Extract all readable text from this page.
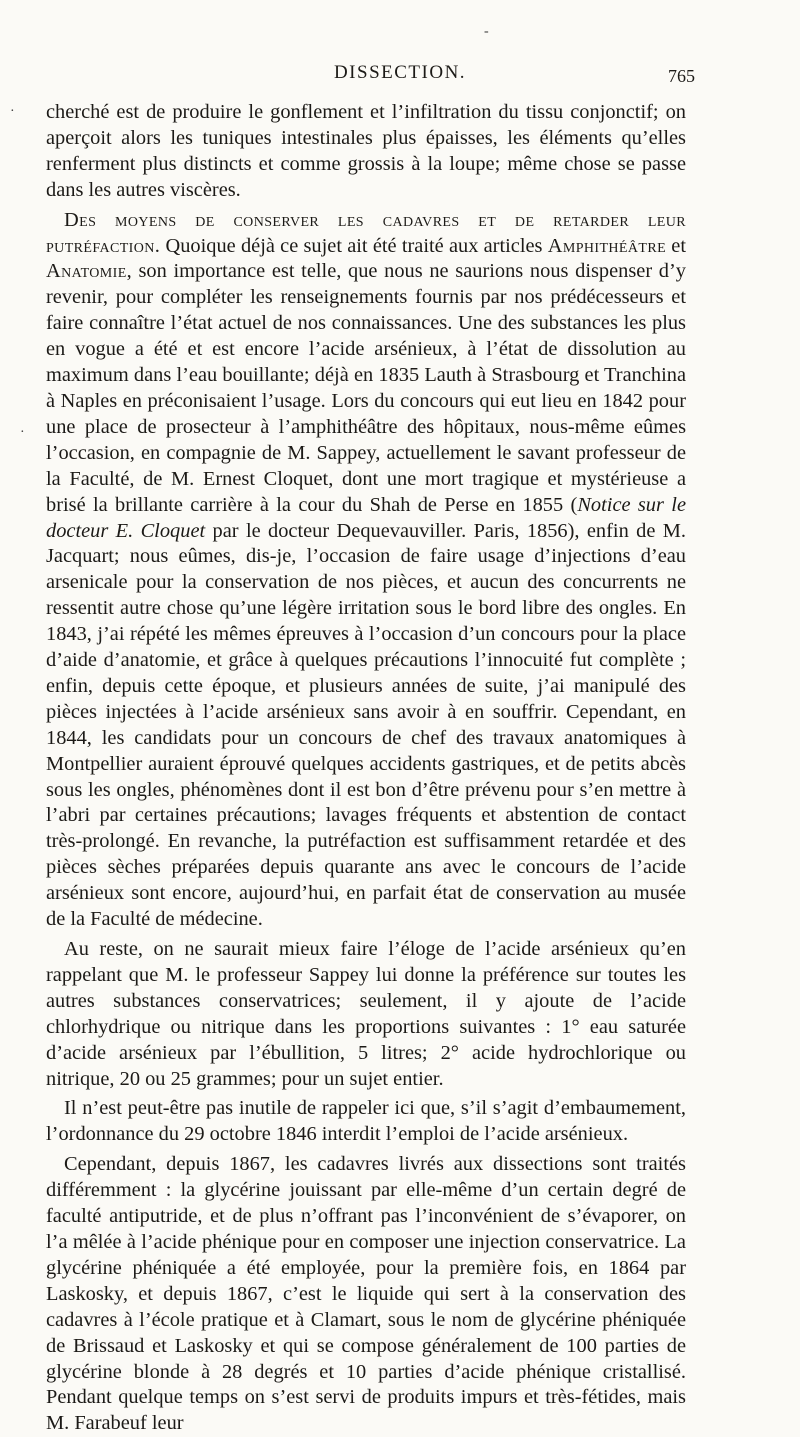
DISSECTION.	765
·
·
-

cherché est de produire le gonflement et l’infiltration du tissu conjonctif; on aperçoit alors les tuniques intestinales plus épaisses, les éléments qu’elles renferment plus distincts et comme grossis à la loupe; même chose se passe dans les autres viscères.

Des moyens de conserver les cadavres et de retarder leur putréfaction. Quoique déjà ce sujet ait été traité aux articles Amphithéâtre et Anatomie, son importance est telle, que nous ne saurions nous dispenser d’y revenir, pour compléter les renseignements fournis par nos prédécesseurs et faire connaître l’état actuel de nos connaissances. Une des substances les plus en vogue a été et est encore l’acide arsénieux, à l’état de dissolution au maximum dans l’eau bouillante; déjà en 1835 Lauth à Strasbourg et Tranchina à Naples en préconisaient l’usage. Lors du concours qui eut lieu en 1842 pour une place de prosecteur à l’amphithéâtre des hôpitaux, nous-même eûmes l’occasion, en compagnie de M. Sappey, actuellement le savant professeur de la Faculté, de M. Ernest Cloquet, dont une mort tragique et mystérieuse a brisé la brillante carrière à la cour du Shah de Perse en 1855 (Notice sur le docteur E. Cloquet par le docteur Dequevauviller. Paris, 1856), enfin de M. Jacquart; nous eûmes, dis-je, l’occasion de faire usage d’injections d’eau arsenicale pour la conservation de nos pièces, et aucun des concurrents ne ressentit autre chose qu’une légère irritation sous le bord libre des ongles. En 1843, j’ai répété les mêmes épreuves à l’occasion d’un concours pour la place d’aide d’anatomie, et grâce à quelques précautions l’innocuité fut complète ; enfin, depuis cette époque, et plusieurs années de suite, j’ai manipulé des pièces injectées à l’acide arsénieux sans avoir à en souffrir. Cependant, en 1844, les candidats pour un concours de chef des travaux anatomiques à Montpellier auraient éprouvé quelques accidents gastriques, et de petits abcès sous les ongles, phénomènes dont il est bon d’être prévenu pour s’en mettre à l’abri par certaines précautions; lavages fréquents et abstention de contact très-prolongé. En revanche, la putréfaction est suffisamment retardée et des pièces sèches préparées depuis quarante ans avec le concours de l’acide arsénieux sont encore, aujourd’hui, en parfait état de conservation au musée de la Faculté de médecine.

Au reste, on ne saurait mieux faire l’éloge de l’acide arsénieux qu’en rappelant que M. le professeur Sappey lui donne la préférence sur toutes les autres substances conservatrices; seulement, il y ajoute de l’acide chlorhydrique ou nitrique dans les proportions suivantes : 1° eau saturée d’acide arsénieux par l’ébullition, 5 litres; 2° acide hydrochlorique ou nitrique, 20 ou 25 grammes; pour un sujet entier.

Il n’est peut-être pas inutile de rappeler ici que, s’il s’agit d’embaumement, l’ordonnance du 29 octobre 1846 interdit l’emploi de l’acide arsénieux.

Cependant, depuis 1867, les cadavres livrés aux dissections sont traités différemment : la glycérine jouissant par elle-même d’un certain degré de faculté antiputride, et de plus n’offrant pas l’inconvénient de s’évaporer, on l’a mêlée à l’acide phénique pour en composer une injection conservatrice. La glycérine phéniquée a été employée, pour la première fois, en 1864 par Laskosky, et depuis 1867, c’est le liquide qui sert à la conservation des cadavres à l’école pratique et à Clamart, sous le nom de glycérine phéniquée de Brissaud et Laskosky et qui se compose généralement de 100 parties de glycérine blonde à 28 degrés et 10 parties d’acide phénique cristallisé. Pendant quelque temps on s’est servi de produits impurs et très-fétides, mais M. Farabeuf leur
